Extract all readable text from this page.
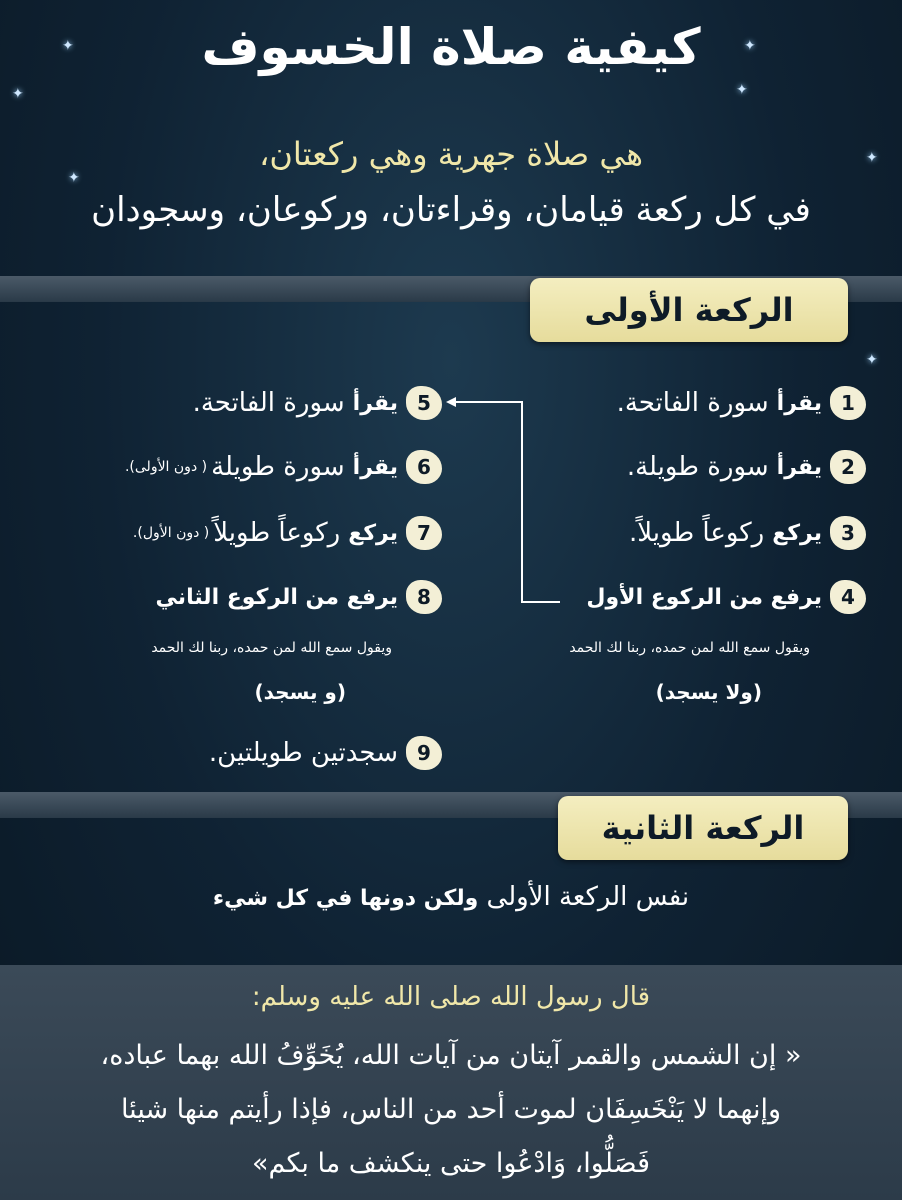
✦	✦
✦	✦
✦
✦
✦
كيفية صلاة الخسوف
هي صلاة جهرية وهي ركعتان،
في كل ركعة قيامان، وقراءتان، وركوعان، وسجودان
الركعة الأولى
1
يقرأ
سورة الفاتحة.
2
يقرأ
سورة طويلة.
3
يركع
ركوعاً طويلاً.
4
يرفع من الركوع الأول
ويقول سمع الله لمن حمده، ربنا لك الحمد
(ولا يسجد)
5
يقرأ
سورة الفاتحة.
6
يقرأ
سورة طويلة
( دون الأولى).
7
يركع
ركوعاً طويلاً
( دون الأول).
8
يرفع من الركوع الثاني
ويقول سمع الله لمن حمده، ربنا لك الحمد
(و يسجد)
9
سجدتين طويلتين.
الركعة الثانية
نفس الركعة الأولى ولكن دونها في كل شيء
قال رسول الله صلى الله عليه وسلم:
« إن الشمس والقمر آيتان من آيات الله، يُخَوِّفُ الله بهما عباده،
وإنهما لا يَنْخَسِفَان لموت أحد من الناس، فإذا رأيتم منها شيئا
فَصَلُّوا، وَادْعُوا حتى ينكشف ما بكم»
